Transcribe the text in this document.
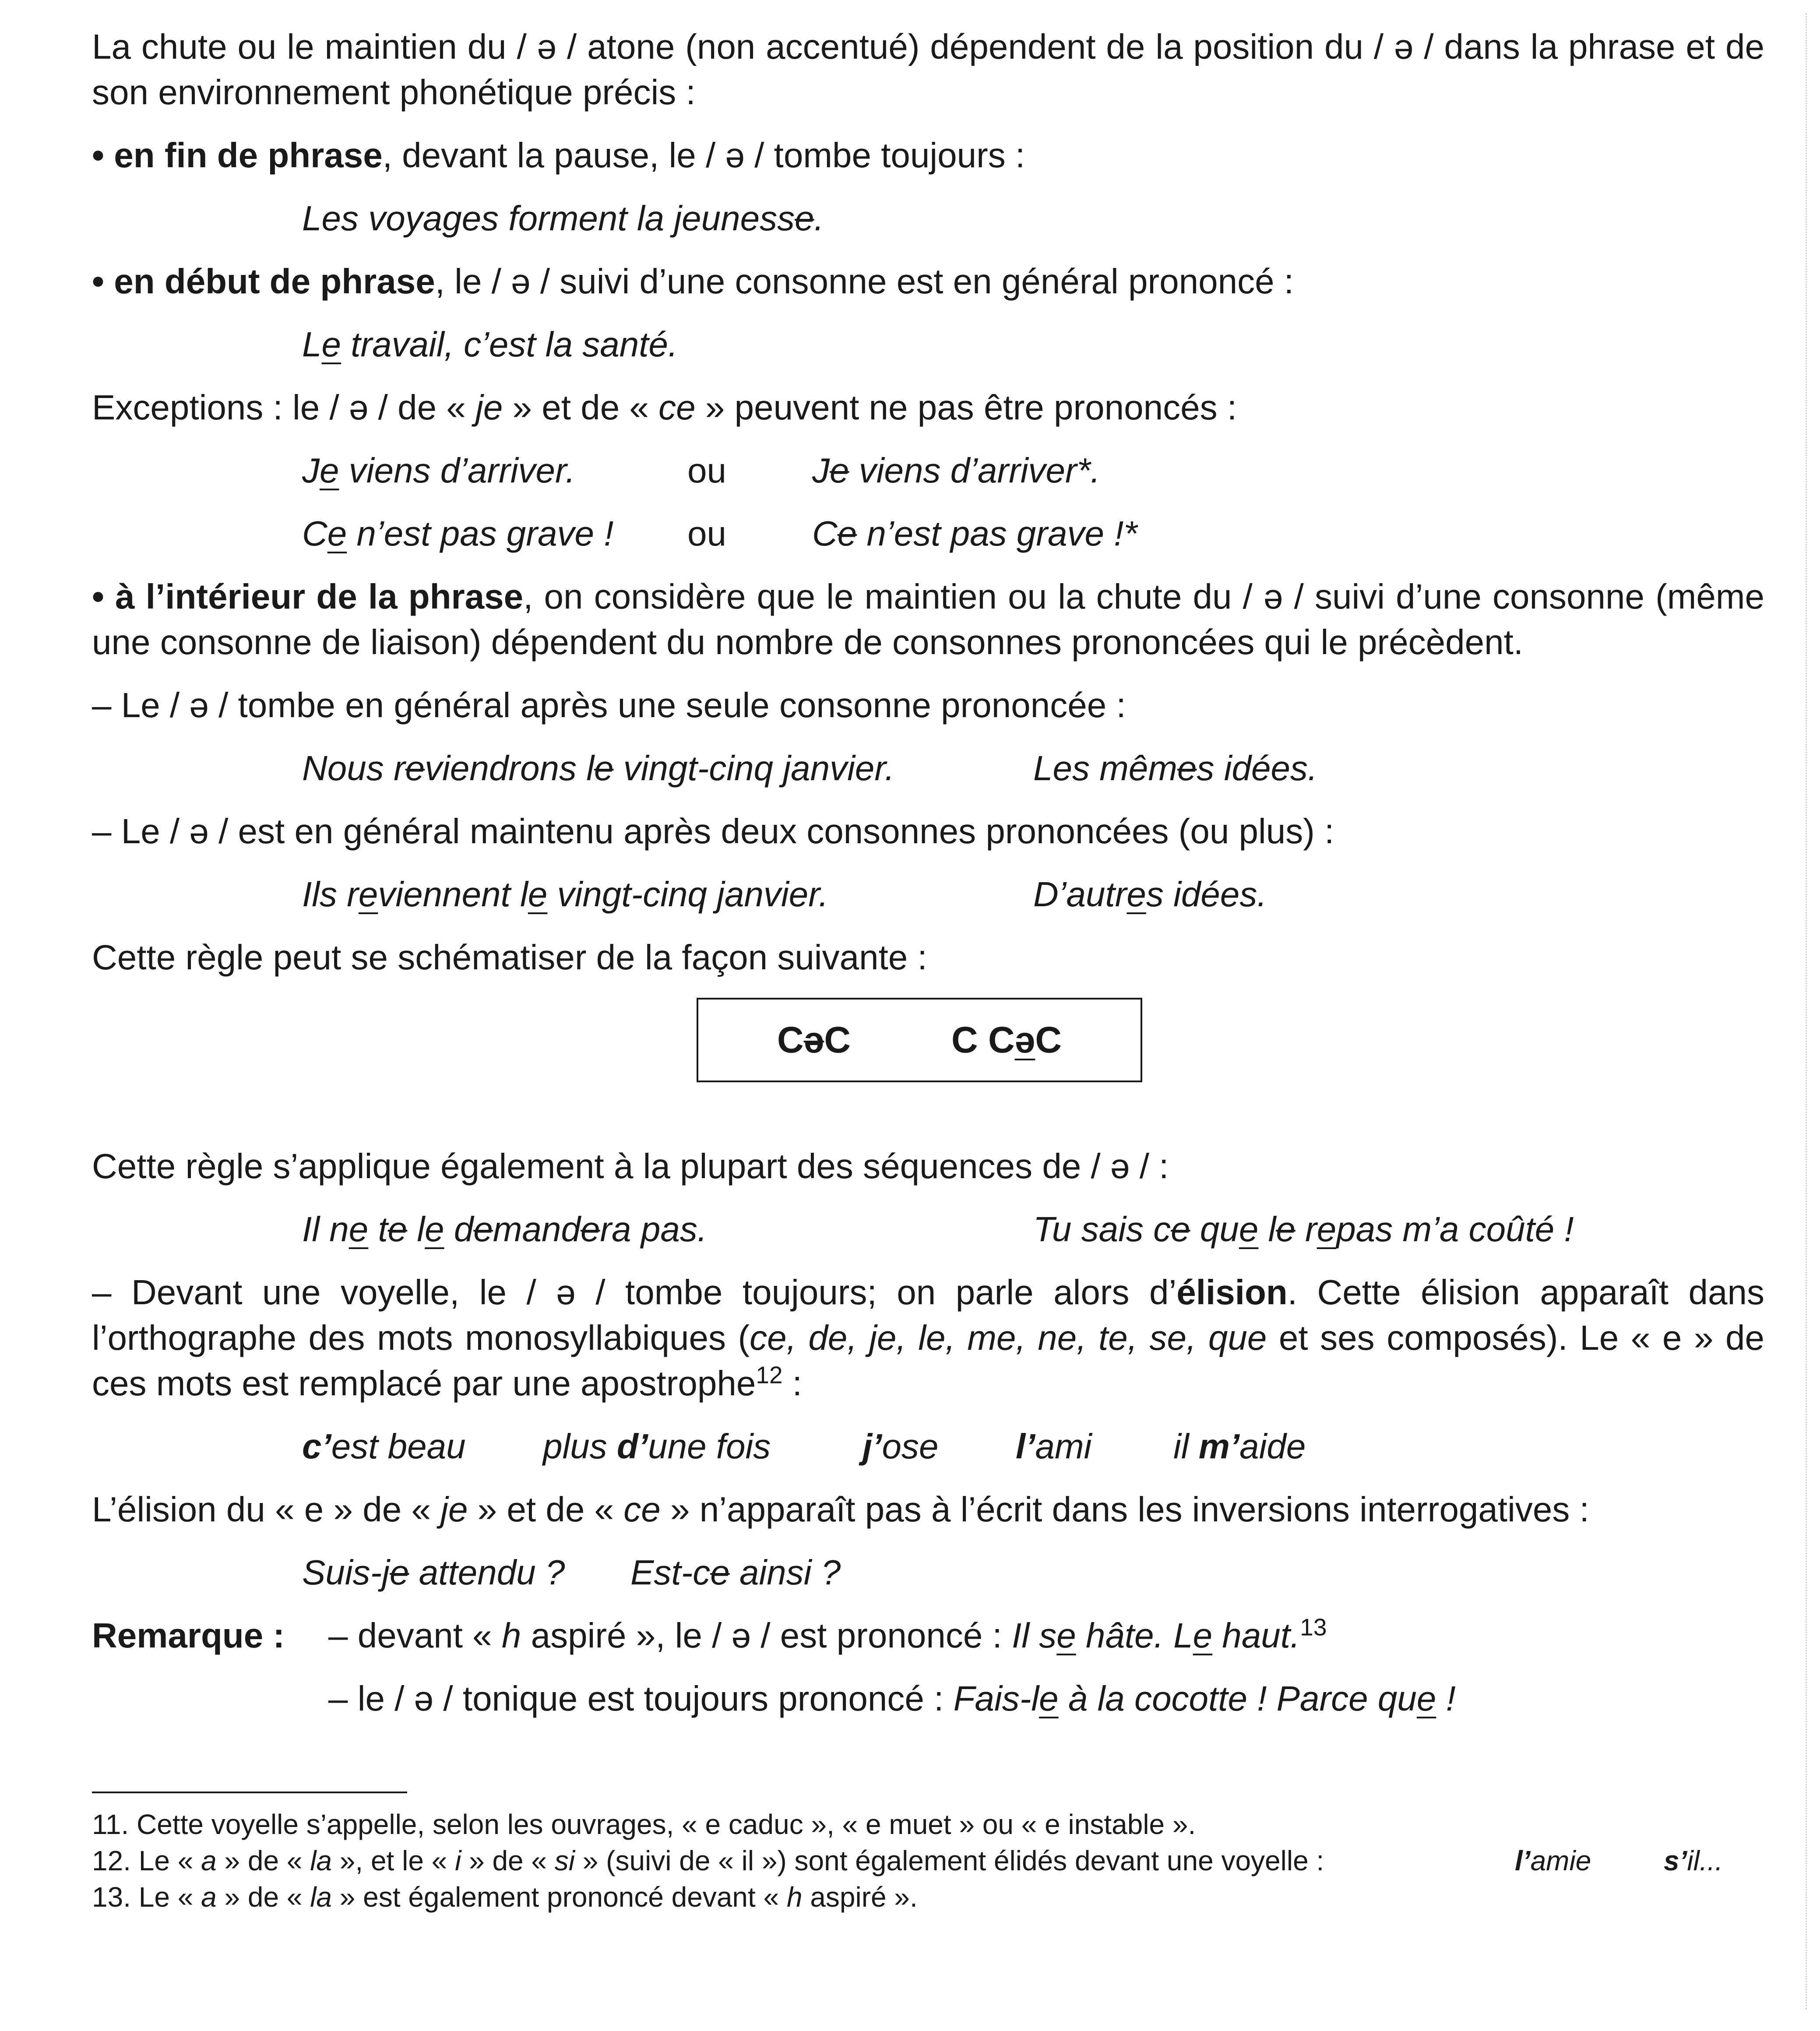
La chute ou le maintien du / ə / atone (non accentué) dépendent de la position du / ə / dans la phrase et de son environnement phonétique précis :

• en fin de phrase, devant la pause, le / ə / tombe toujours :

Les voyages forment la jeunesse.

• en début de phrase, le / ə / suivi d’une consonne est en général prononcé :

Le travail, c’est la santé.

Exceptions : le / ə / de « je » et de « ce » peuvent ne pas être prononcés :

Je viens d’arriver.	ou	Je viens d’arriver*.

Ce n’est pas grave !	ou	Ce n’est pas grave !*

• à l’intérieur de la phrase, on considère que le maintien ou la chute du / ə / suivi d’une consonne (même une consonne de liaison) dépendent du nombre de consonnes prononcées qui le précèdent.

– Le / ə / tombe en général après une seule consonne prononcée :

Nous reviendrons le vingt-cinq janvier.	Les mêmes idées.

– Le / ə / est en général maintenu après deux consonnes prononcées (ou plus) :

Ils reviennent le vingt-cinq janvier.	D’autres idées.

Cette règle peut se schématiser de la façon suivante :

CəC	C CəC

Cette règle s’applique également à la plupart des séquences de / ə / :

Il ne te le demandera pas.	Tu sais ce que le repas m’a coûté !

– Devant une voyelle, le / ə / tombe toujours; on parle alors d’élision. Cette élision apparaît dans l’orthographe des mots monosyllabiques (ce, de, je, le, me, ne, te, se, que et ses composés). Le « e » de ces mots est remplacé par une apostrophe$^{12}$ :

c’est beau	plus d’une fois	j’ose	l’ami	il m’aide

L’élision du « e » de « je » et de « ce » n’apparaît pas à l’écrit dans les inversions interrogatives :

Suis-je attendu ?	Est-ce ainsi ?

Remarque :	– devant « h aspiré », le / ə / est prononcé : Il se hâte. Le haut.$^{13}$

– le / ə / tonique est toujours prononcé : Fais-le à la cocotte ! Parce que !

11. Cette voyelle s’appelle, selon les ouvrages, « e caduc », « e muet » ou « e instable ».

12. Le « a » de « la », et le « i » de « si » (suivi de « il ») sont également élidés devant une voyelle :	l’amie	s’il...

13. Le « a » de « la » est également prononcé devant « h aspiré ».
